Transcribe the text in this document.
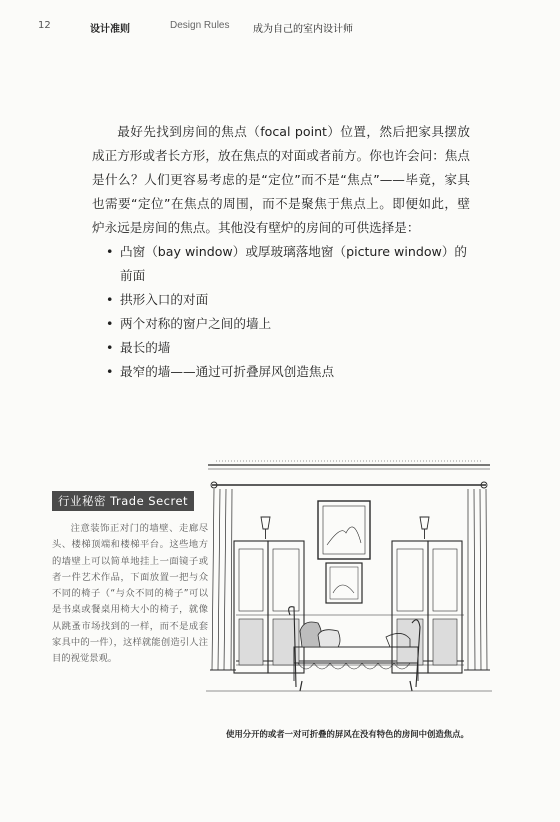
12	设计准则	Design Rules 成为自己的室内设计师

最好先找到房间的焦点（focal point）位置，然后把家具摆放成正方形或者长方形，放在焦点的对面或者前方。你也许会问：焦点是什么？人们更容易考虑的是“定位”而不是“焦点”——毕竟，家具也需要“定位”在焦点的周围，而不是聚焦于焦点上。即便如此，壁炉永远是房间的焦点。其他没有壁炉的房间的可供选择是：

• 凸窗（bay window）或厚玻璃落地窗（picture window）的前面
• 拱形入口的对面
• 两个对称的窗户之间的墙上
• 最长的墙
• 最窄的墙——通过可折叠屏风创造焦点
行业秘密 Trade Secret
注意装饰正对门的墙壁、走廊尽头、楼梯顶端和楼梯平台。这些地方的墙壁上可以简单地挂上一面镜子或者一件艺术作品，下面放置一把与众不同的椅子（“与众不同的椅子”可以是书桌或餐桌用椅大小的椅子，就像从跳蚤市场找到的一样，而不是成套家具中的一件），这样就能创造引人注目的视觉景观。
使用分开的或者一对可折叠的屏风在没有特色的房间中创造焦点。
